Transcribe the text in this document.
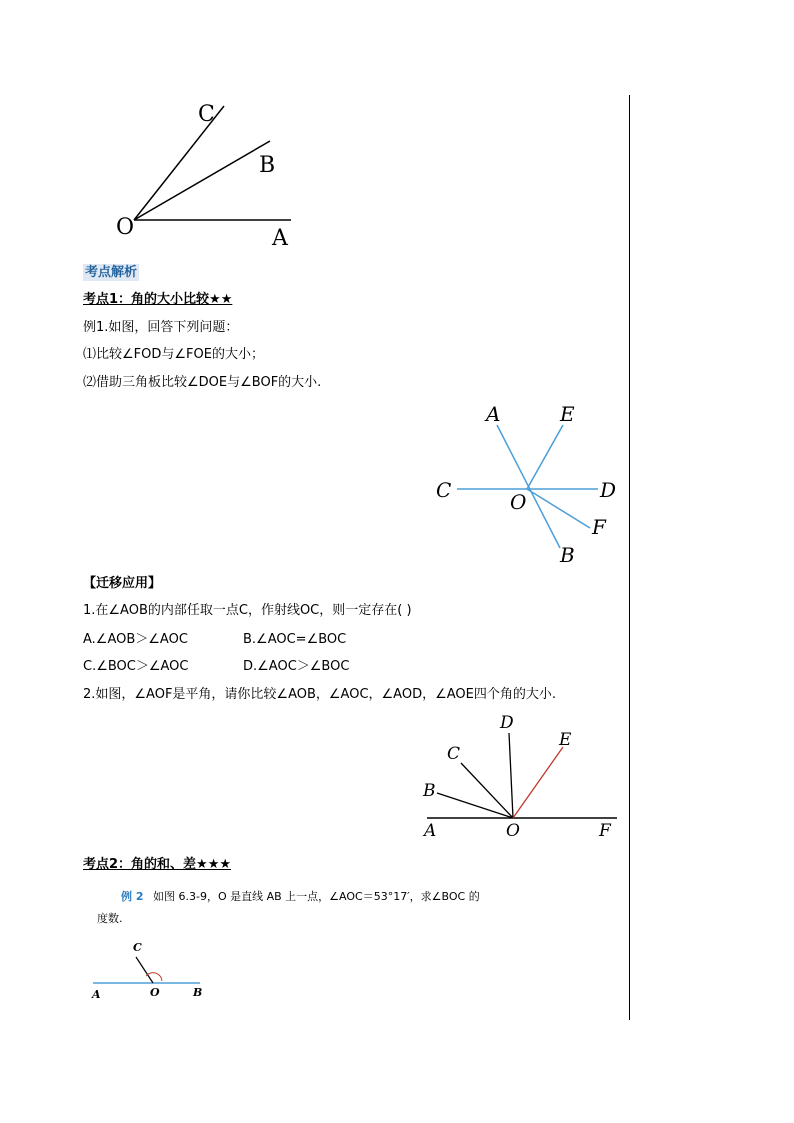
C
B
O	A
考点解析
考点1：角的大小比较★★
例1.如图，回答下列问题：
⑴比较∠FOD与∠FOE的大小；
⑵借助三角板比较∠DOE与∠BOF的大小.
A	E
C	O	D
F
B
【迁移应用】
1.在∠AOB的内部任取一点C，作射线OC，则一定存在( )
A.∠AOB＞∠AOC	B.∠AOC=∠BOC
C.∠BOC＞∠AOC	D.∠AOC＞∠BOC
2.如图，∠AOF是平角，请你比较∠AOB，∠AOC，∠AOD，∠AOE四个角的大小.
D
C
E
B
A	O	F
考点2：角的和、差★★★
例 2 如图 6.3-9，O 是直线 AB 上一点，∠AOC＝53°17′，求∠BOC 的
度数.
C
A	O	B
